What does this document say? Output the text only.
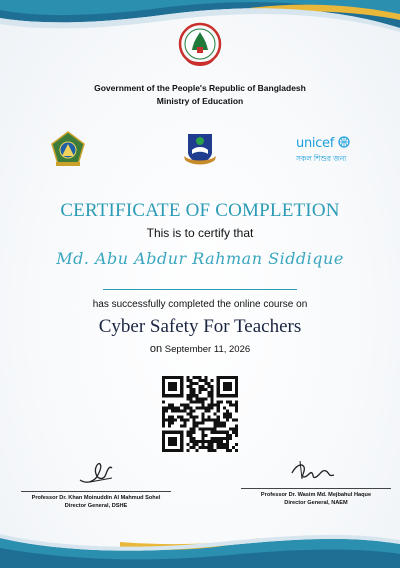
Government of the People's Republic of Bangladesh
Ministry of Education
unicef
সকল শিশুর জন্য
CERTIFICATE OF COMPLETION
This is to certify that
Md. Abu Abdur Rahman Siddique
has successfully completed the online course on
Cyber Safety For Teachers
on September 11, 2026
Professor Dr. Khan Moinuddin Al Mahmud Sohel
Director General, DSHE
Professor Dr. Wasim Md. Mejbahul Haque
Director General, NAEM
